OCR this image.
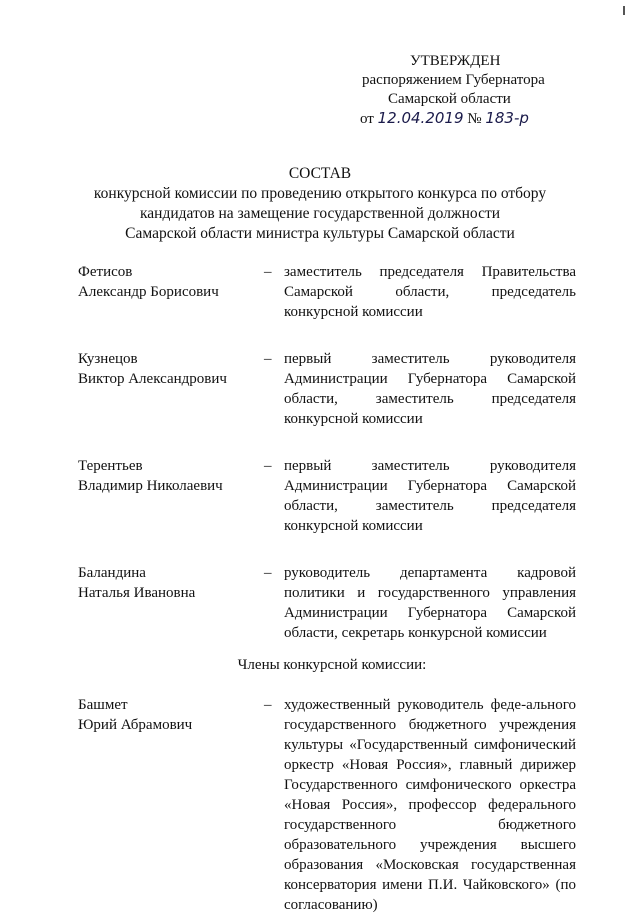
УТВЕРЖДЕН
распоряжением Губернатора
Самарской области
от 12.04.2019 № 183-р
СОСТАВ
конкурсной комиссии по проведению открытого конкурса по отбору
кандидатов на замещение государственной должности
Самарской области министра культуры Самарской области
Фетисов
Александр Борисович
– заместитель председателя Правительства Самарской области, председатель конкурсной комиссии
Кузнецов
Виктор Александрович
– первый заместитель руководителя Администрации Губернатора Самарской области, заместитель председателя конкурсной комиссии
Терентьев
Владимир Николаевич
– первый заместитель руководителя Администрации Губернатора Самарской области, заместитель председателя конкурсной комиссии
Баландина
Наталья Ивановна
– руководитель департамента кадровой политики и государственного управления Администрации Губернатора Самарской области, секретарь конкурсной комиссии
Члены конкурсной комиссии:
Башмет
Юрий Абрамович
– художественный руководитель феде-ального государственного бюджетного учреждения культуры «Государственный симфонический оркестр «Новая Россия», главный дирижер Государственного симфонического оркестра «Новая Россия», профессор федерального государственного бюджетного образовательного учреждения высшего образования «Московская государственная консерватория имени П.И. Чайковского» (по согласованию)
